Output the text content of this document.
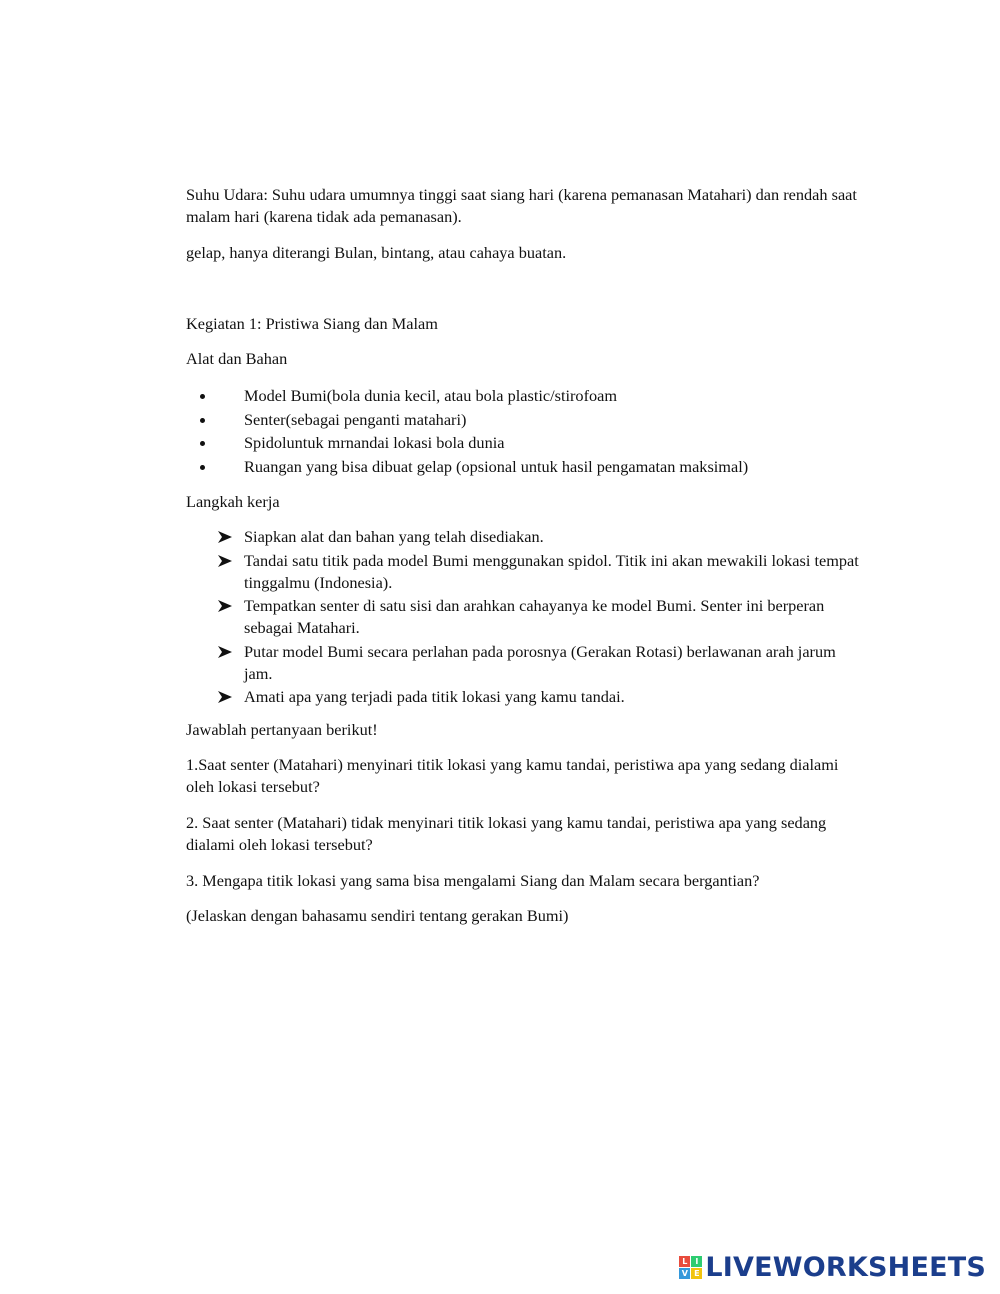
Suhu Udara: Suhu udara umumnya tinggi saat siang hari (karena pemanasan Matahari) dan rendah saat malam hari (karena tidak ada pemanasan).

gelap, hanya diterangi Bulan, bintang, atau cahaya buatan.

Kegiatan 1: Pristiwa Siang dan Malam

Alat dan Bahan

Model Bumi(bola dunia kecil, atau bola plastic/stirofoam
Senter(sebagai penganti matahari)
Spidoluntuk mrnandai lokasi bola dunia
Ruangan yang bisa dibuat gelap (opsional untuk hasil pengamatan maksimal)

Langkah kerja

Siapkan alat dan bahan yang telah disediakan.
Tandai satu titik pada model Bumi menggunakan spidol. Titik ini akan mewakili lokasi tempat tinggalmu (Indonesia).
Tempatkan senter di satu sisi dan arahkan cahayanya ke model Bumi. Senter ini berperan sebagai Matahari.
Putar model Bumi secara perlahan pada porosnya (Gerakan Rotasi) berlawanan arah jarum jam.
Amati apa yang terjadi pada titik lokasi yang kamu tandai.

Jawablah pertanyaan berikut!

1.Saat senter (Matahari) menyinari titik lokasi yang kamu tandai, peristiwa apa yang sedang dialami oleh lokasi tersebut?

2. Saat senter (Matahari) tidak menyinari titik lokasi yang kamu tandai, peristiwa apa yang sedang dialami oleh lokasi tersebut?

3. Mengapa titik lokasi yang sama bisa mengalami Siang dan Malam secara bergantian?

(Jelaskan dengan bahasamu sendiri tentang gerakan Bumi)

L I
V E LIVEWORKSHEETS
